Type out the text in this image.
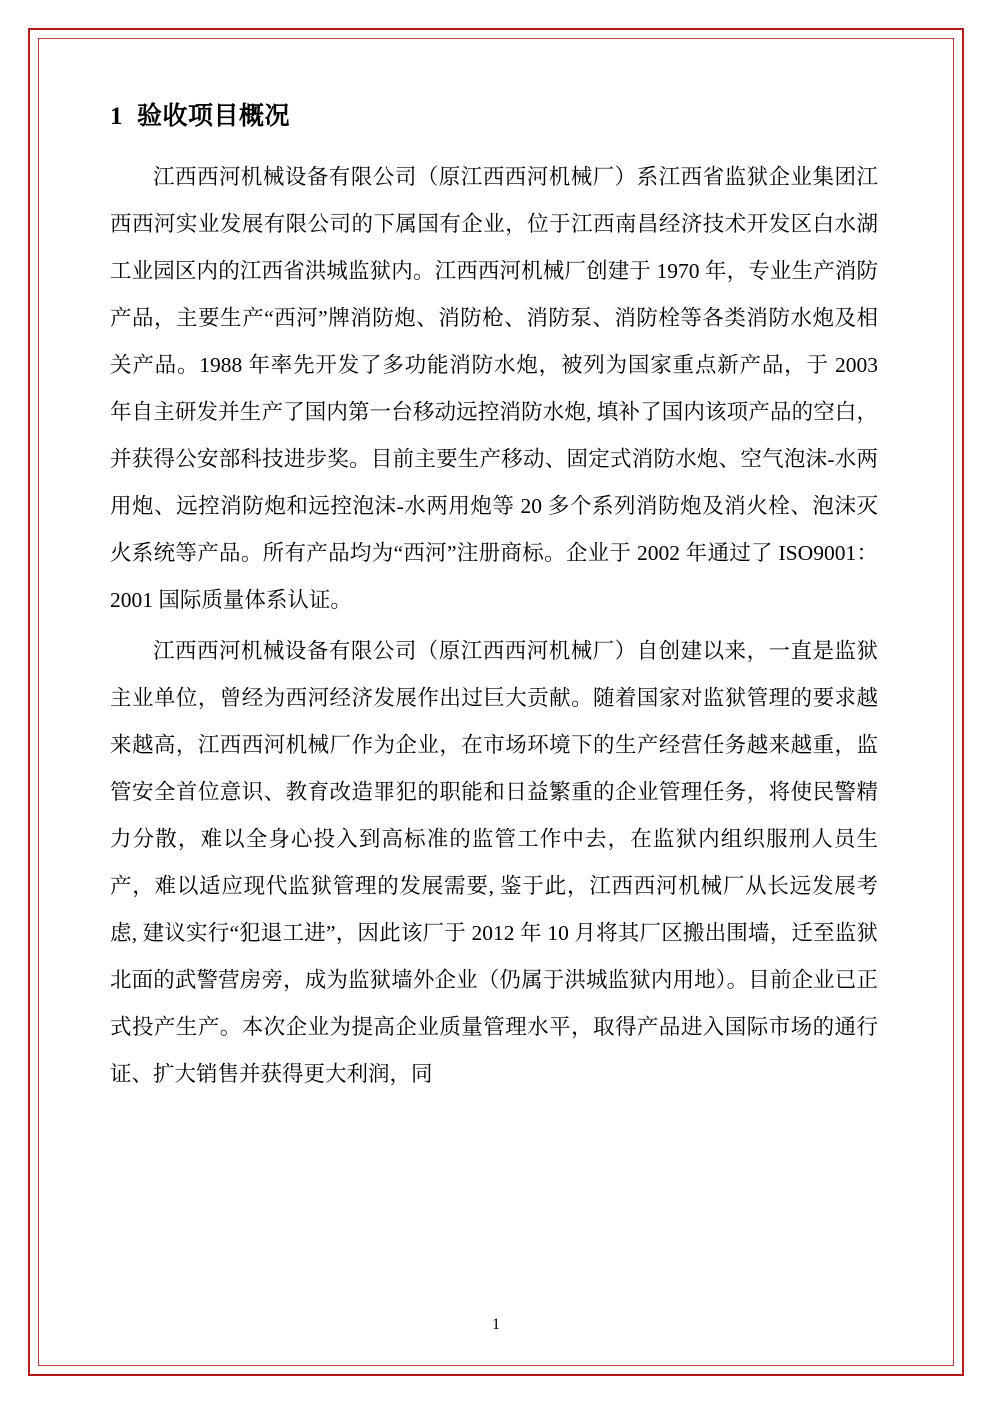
1 验收项目概况

江西西河机械设备有限公司（原江西西河机械厂）系江西省监狱企业集团江西西河实业发展有限公司的下属国有企业，位于江西南昌经济技术开发区白水湖工业园区内的江西省洪城监狱内。江西西河机械厂创建于 1970 年，专业生产消防产品，主要生产“西河”牌消防炮、消防枪、消防泵、消防栓等各类消防水炮及相关产品。1988 年率先开发了多功能消防水炮，被列为国家重点新产品，于 2003 年自主研发并生产了国内第一台移动远控消防水炮, 填补了国内该项产品的空白，并获得公安部科技进步奖。目前主要生产移动、固定式消防水炮、空气泡沫-水两用炮、远控消防炮和远控泡沫-水两用炮等 20 多个系列消防炮及消火栓、泡沫灭火系统等产品。所有产品均为“西河”注册商标。企业于 2002 年通过了 ISO9001：2001 国际质量体系认证。

江西西河机械设备有限公司（原江西西河机械厂）自创建以来，一直是监狱主业单位，曾经为西河经济发展作出过巨大贡献。随着国家对监狱管理的要求越来越高，江西西河机械厂作为企业，在市场环境下的生产经营任务越来越重，监管安全首位意识、教育改造罪犯的职能和日益繁重的企业管理任务，将使民警精力分散，难以全身心投入到高标准的监管工作中去，在监狱内组织服刑人员生产，难以适应现代监狱管理的发展需要, 鉴于此，江西西河机械厂从长远发展考虑, 建议实行“犯退工进”，因此该厂于 2012 年 10 月将其厂区搬出围墙，迁至监狱北面的武警营房旁，成为监狱墙外企业（仍属于洪城监狱内用地）。目前企业已正式投产生产。本次企业为提高企业质量管理水平，取得产品进入国际市场的通行证、扩大销售并获得更大利润，同

1
